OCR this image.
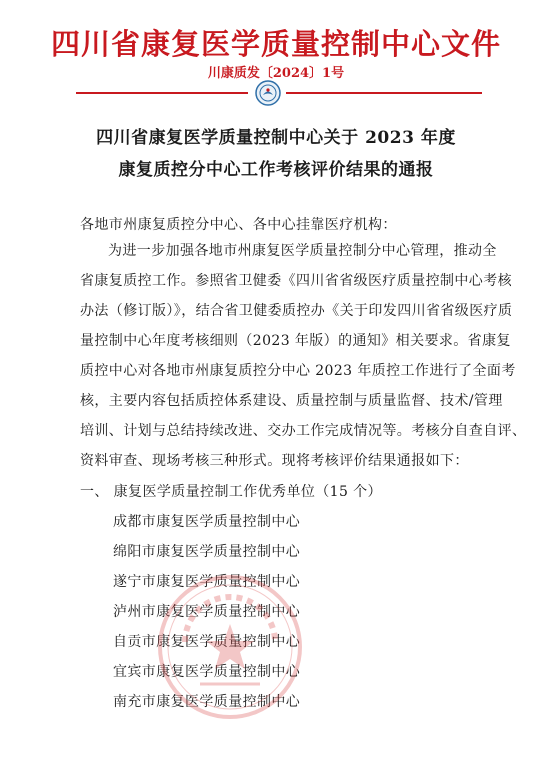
四川省康复医学质量控制中心文件
川康质发〔2024〕1号
四川省康复医学质量控制中心关于 2023 年度
康复质控分中心工作考核评价结果的通报
各地市州康复质控分中心、各中心挂靠医疗机构：
为进一步加强各地市州康复医学质量控制分中心管理，推动全
省康复质控工作。参照省卫健委《四川省省级医疗质量控制中心考核
办法（修订版）》，结合省卫健委质控办《关于印发四川省省级医疗质
量控制中心年度考核细则（2023 年版）的通知》相关要求。省康复
质控中心对各地市州康复质控分中心 2023 年质控工作进行了全面考
核，主要内容包括质控体系建设、质量控制与质量监督、技术/管理
培训、计划与总结持续改进、交办工作完成情况等。考核分自查自评、
资料审查、现场考核三种形式。现将考核评价结果通报如下：
一、 康复医学质量控制工作优秀单位（15 个）
成都市康复医学质量控制中心
绵阳市康复医学质量控制中心
遂宁市康复医学质量控制中心
泸州市康复医学质量控制中心
自贡市康复医学质量控制中心
宜宾市康复医学质量控制中心
南充市康复医学质量控制中心
